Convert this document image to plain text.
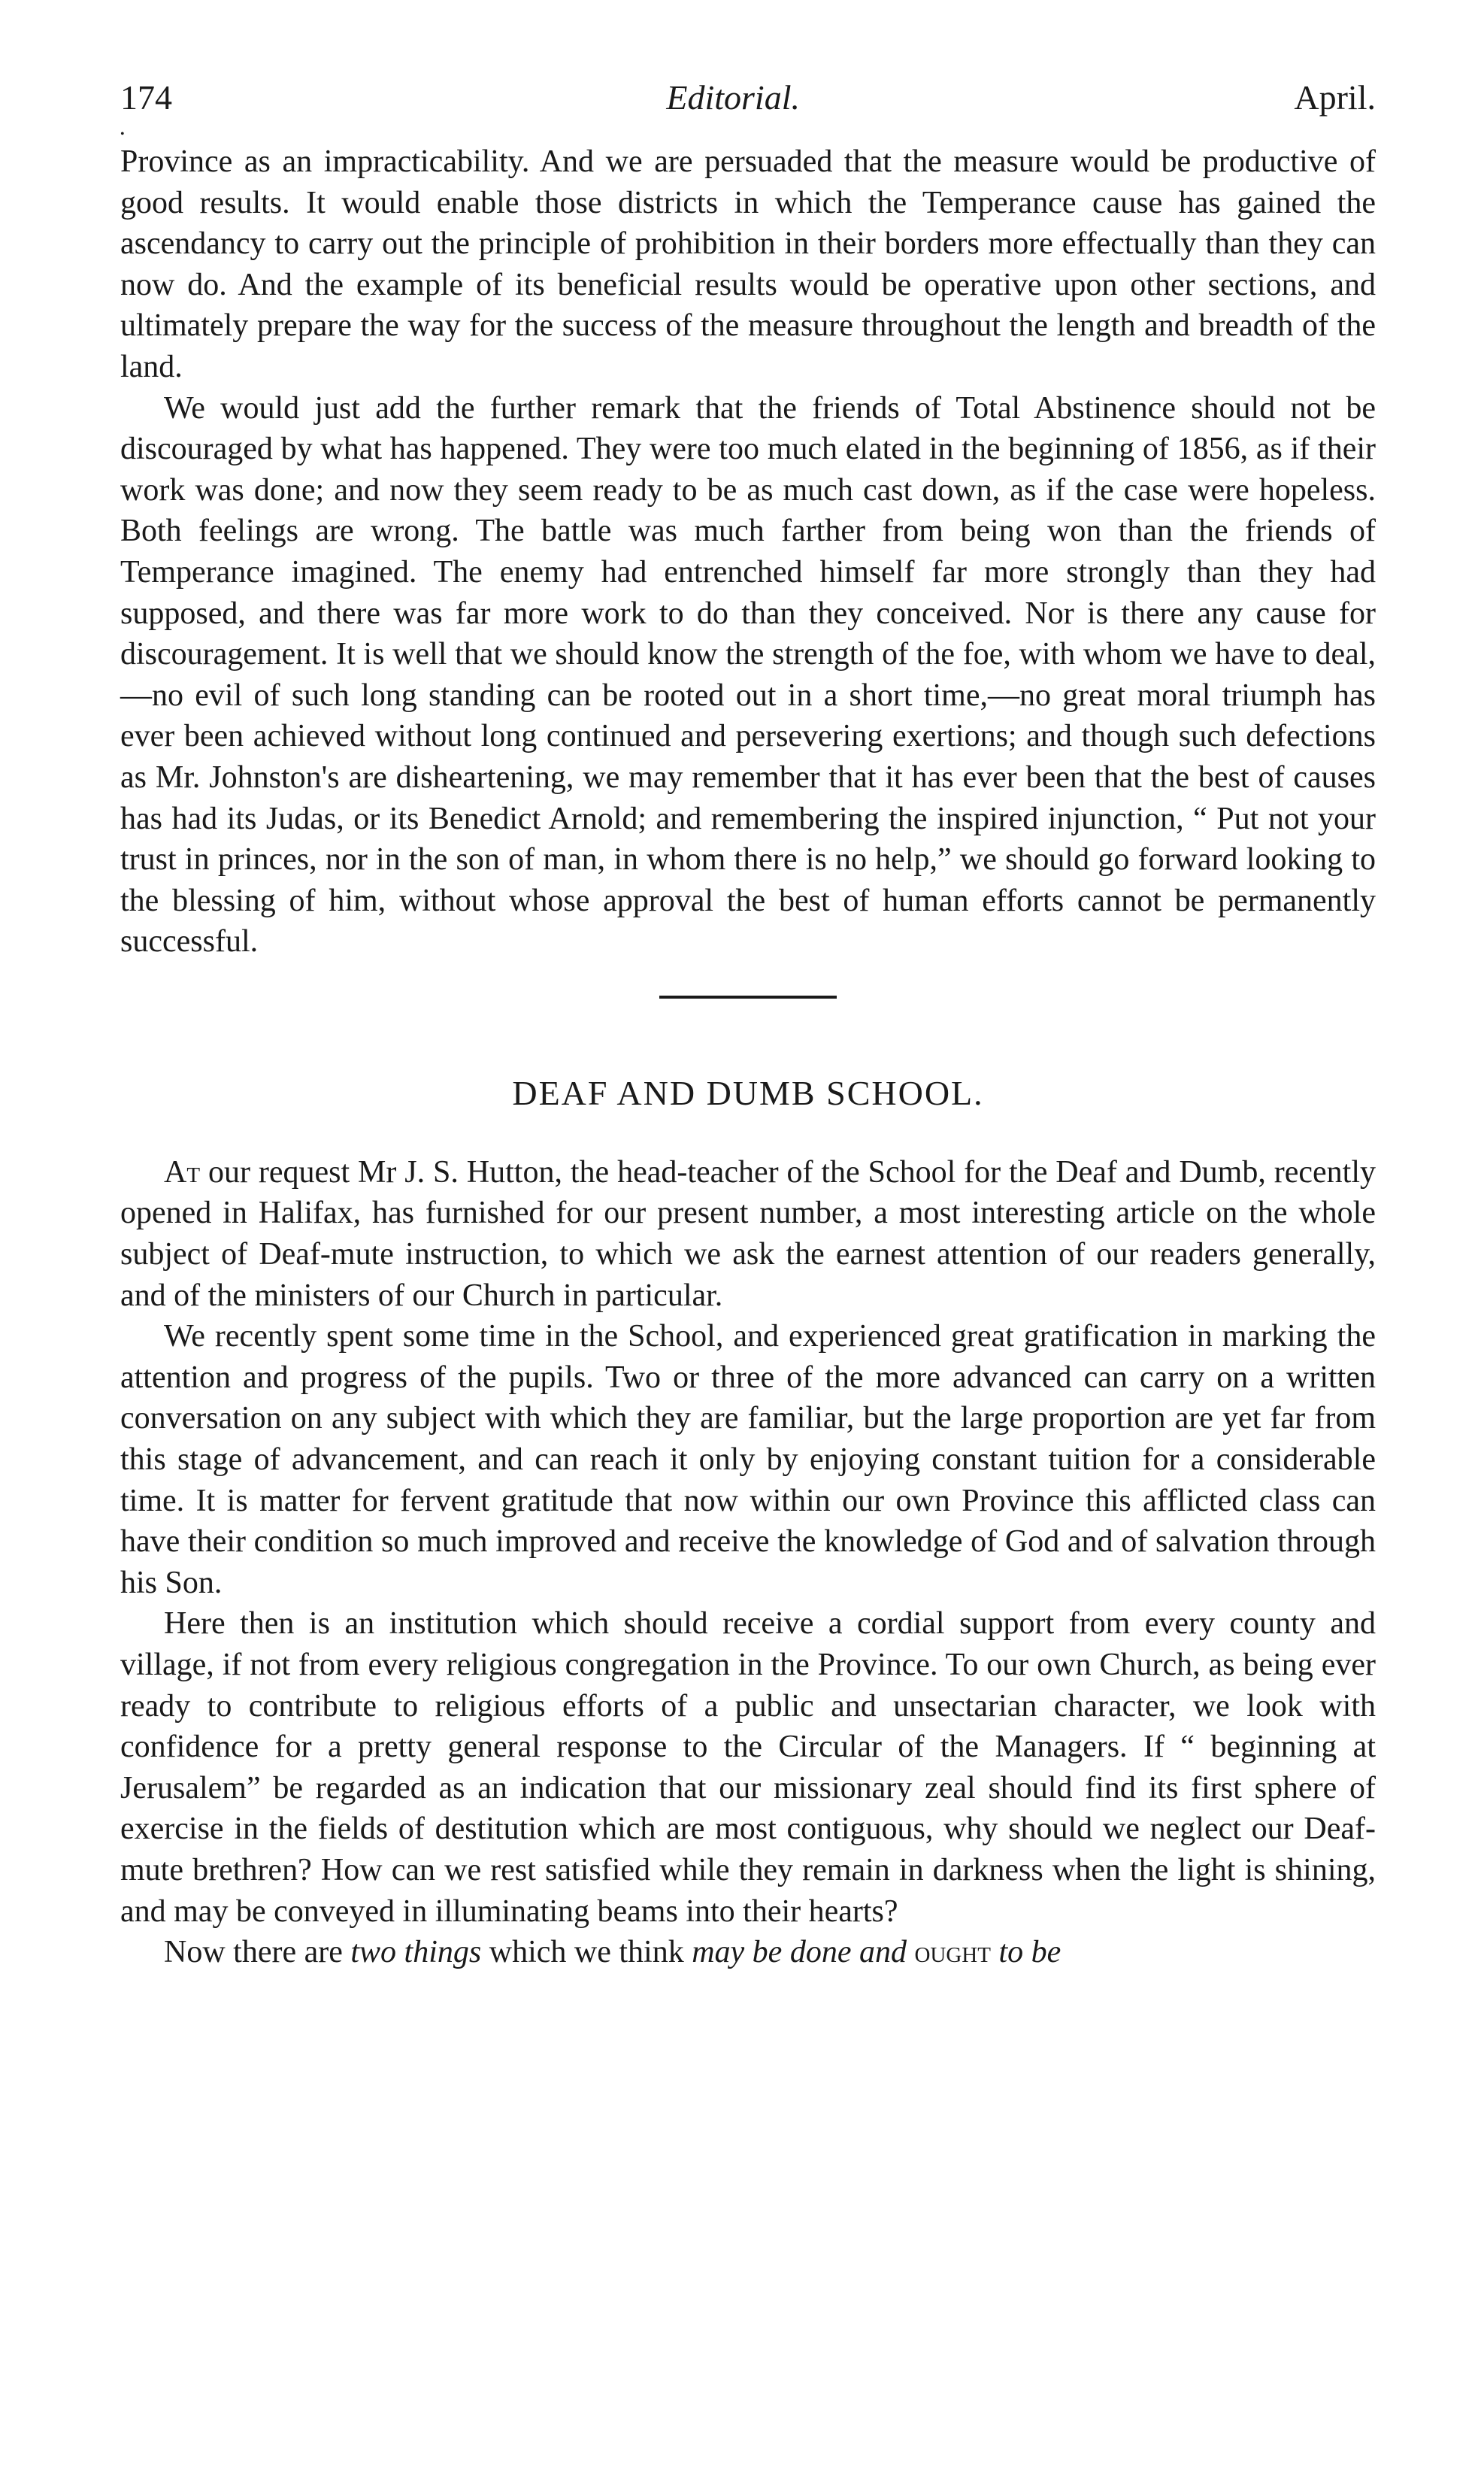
174	Editorial.	April.
•

Province as an impracticability. And we are persuaded that the measure would be productive of good results. It would enable those districts in which the Temperance cause has gained the ascendancy to carry out the principle of prohibition in their borders more effectually than they can now do. And the example of its beneficial results would be operative upon other sections, and ultimately prepare the way for the success of the measure throughout the length and breadth of the land.

We would just add the further remark that the friends of Total Abstinence should not be discouraged by what has happened. They were too much elated in the beginning of 1856, as if their work was done; and now they seem ready to be as much cast down, as if the case were hopeless. Both feelings are wrong. The battle was much farther from being won than the friends of Temperance imagined. The enemy had entrenched himself far more strongly than they had supposed, and there was far more work to do than they conceived. Nor is there any cause for discouragement. It is well that we should know the strength of the foe, with whom we have to deal,—no evil of such long standing can be rooted out in a short time,—no great moral triumph has ever been achieved without long continued and persevering exertions; and though such defections as Mr. Johnston's are disheartening, we may remember that it has ever been that the best of causes has had its Judas, or its Benedict Arnold; and remembering the inspired injunction, “ Put not your trust in princes, nor in the son of man, in whom there is no help,” we should go forward looking to the blessing of him, without whose approval the best of human efforts cannot be permanently successful.

DEAF AND DUMB SCHOOL.

At our request Mr J. S. Hutton, the head-teacher of the School for the Deaf and Dumb, recently opened in Halifax, has furnished for our present number, a most interesting article on the whole subject of Deaf-mute instruction, to which we ask the earnest attention of our readers generally, and of the ministers of our Church in particular.

We recently spent some time in the School, and experienced great gratification in marking the attention and progress of the pupils. Two or three of the more advanced can carry on a written conversation on any subject with which they are familiar, but the large proportion are yet far from this stage of advancement, and can reach it only by enjoying constant tuition for a considerable time. It is matter for fervent gratitude that now within our own Province this afflicted class can have their condition so much improved and receive the knowledge of God and of salvation through his Son.

Here then is an institution which should receive a cordial support from every county and village, if not from every religious congregation in the Province. To our own Church, as being ever ready to contribute to religious efforts of a public and unsectarian character, we look with confidence for a pretty general response to the Circular of the Managers. If “ beginning at Jerusalem” be regarded as an indication that our missionary zeal should find its first sphere of exercise in the fields of destitution which are most contiguous, why should we neglect our Deaf-mute brethren? How can we rest satisfied while they remain in darkness when the light is shining, and may be conveyed in illuminating beams into their hearts?

Now there are two things which we think may be done and ought to be
